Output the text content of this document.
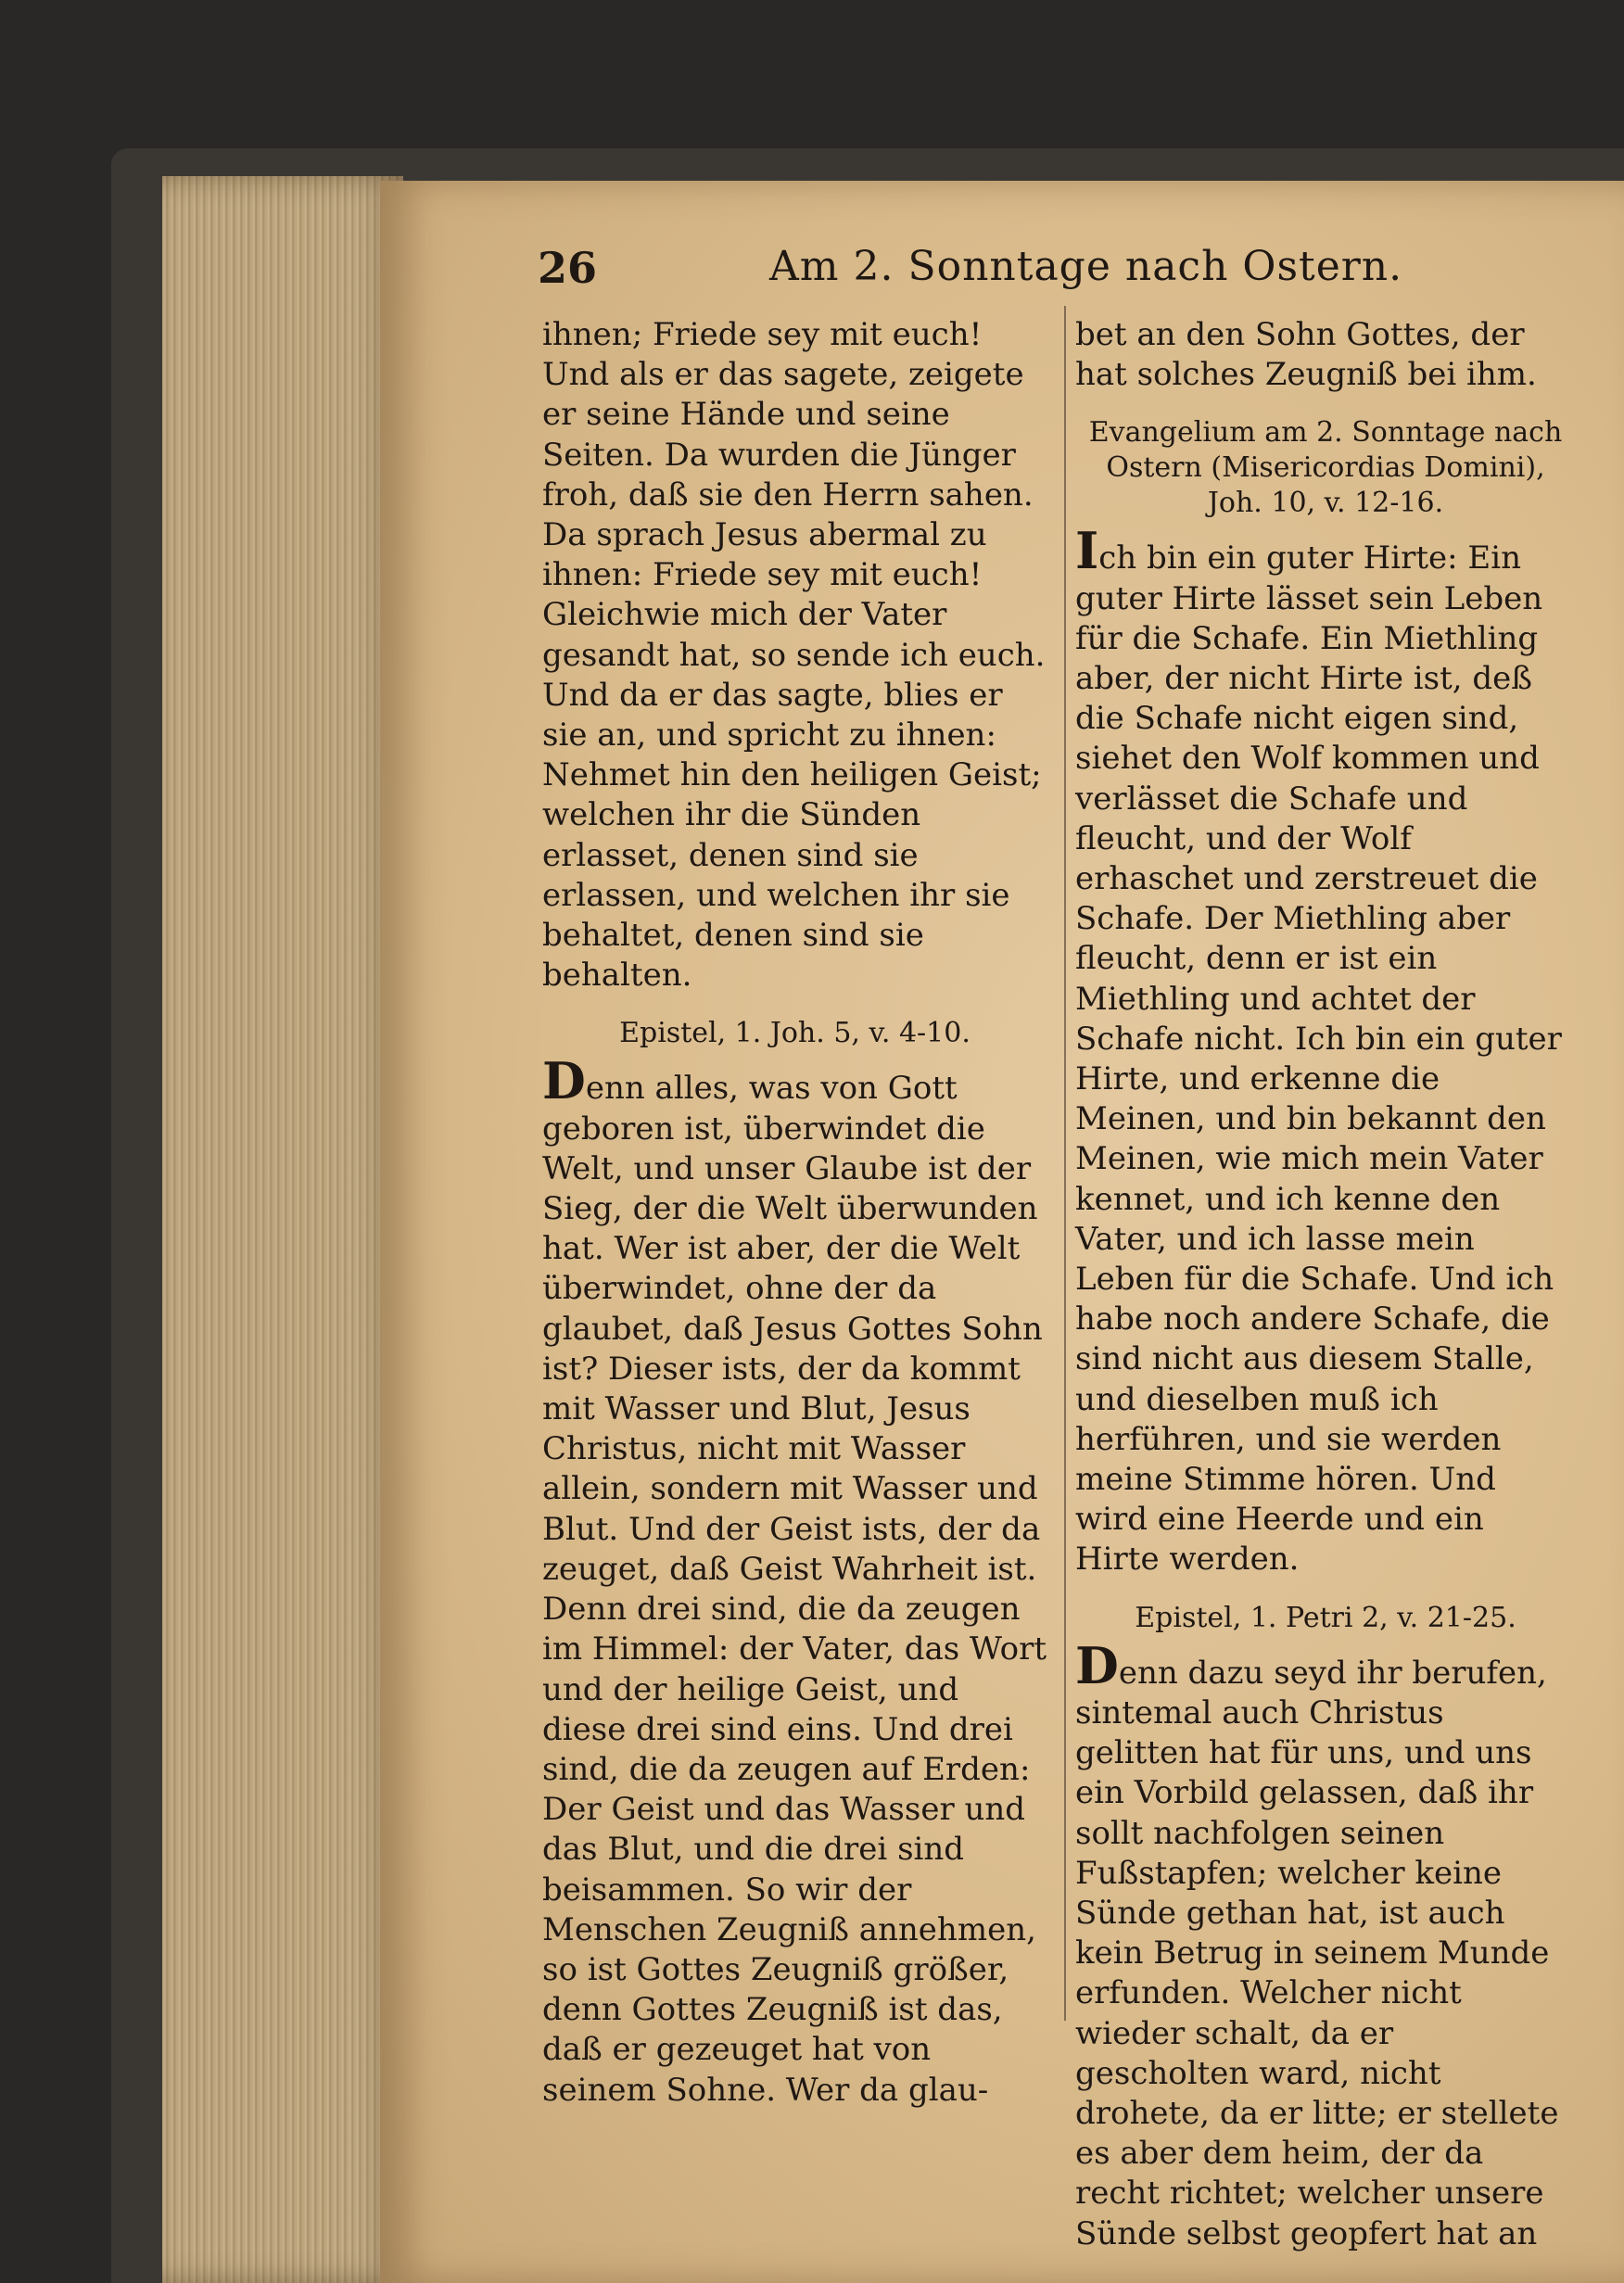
26	Am 2. Sonntage nach Ostern.

ihnen; Friede sey mit euch! Und als er das sagete, zeigete er seine Hände und seine Seiten. Da wurden die Jünger froh, daß sie den Herrn sahen. Da sprach Jesus abermal zu ihnen: Friede sey mit euch! Gleichwie mich der Vater gesandt hat, so sende ich euch. Und da er das sagte, blies er sie an, und spricht zu ihnen: Nehmet hin den heiligen Geist; welchen ihr die Sünden erlasset, denen sind sie erlassen, und welchen ihr sie behaltet, denen sind sie behalten.

Epistel, 1. Joh. 5, v. 4-10.

Denn alles, was von Gott geboren ist, überwindet die Welt, und unser Glaube ist der Sieg, der die Welt überwunden hat. Wer ist aber, der die Welt überwindet, ohne der da glaubet, daß Jesus Gottes Sohn ist? Dieser ists, der da kommt mit Wasser und Blut, Jesus Christus, nicht mit Wasser allein, sondern mit Wasser und Blut. Und der Geist ists, der da zeuget, daß Geist Wahrheit ist. Denn drei sind, die da zeugen im Himmel: der Vater, das Wort und der heilige Geist, und diese drei sind eins. Und drei sind, die da zeugen auf Erden: Der Geist und das Wasser und das Blut, und die drei sind beisammen. So wir der Menschen Zeugniß annehmen, so ist Gottes Zeugniß größer, denn Gottes Zeugniß ist das, daß er gezeuget hat von seinem Sohne. Wer da glau-

bet an den Sohn Gottes, der hat solches Zeugniß bei ihm.

Evangelium am 2. Sonntage nach Ostern (Misericordias Domini), Joh. 10, v. 12-16.

Ich bin ein guter Hirte: Ein guter Hirte lässet sein Leben für die Schafe. Ein Miethling aber, der nicht Hirte ist, deß die Schafe nicht eigen sind, siehet den Wolf kommen und verlässet die Schafe und fleucht, und der Wolf erhaschet und zerstreuet die Schafe. Der Miethling aber fleucht, denn er ist ein Miethling und achtet der Schafe nicht. Ich bin ein guter Hirte, und erkenne die Meinen, und bin bekannt den Meinen, wie mich mein Vater kennet, und ich kenne den Vater, und ich lasse mein Leben für die Schafe. Und ich habe noch andere Schafe, die sind nicht aus diesem Stalle, und dieselben muß ich herführen, und sie werden meine Stimme hören. Und wird eine Heerde und ein Hirte werden.

Epistel, 1. Petri 2, v. 21-25.

Denn dazu seyd ihr berufen, sintemal auch Christus gelitten hat für uns, und uns ein Vorbild gelassen, daß ihr sollt nachfolgen seinen Fußstapfen; welcher keine Sünde gethan hat, ist auch kein Betrug in seinem Munde erfunden. Welcher nicht wieder schalt, da er gescholten ward, nicht drohete, da er litte; er stellete es aber dem heim, der da recht richtet; welcher unsere Sünde selbst geopfert hat an
